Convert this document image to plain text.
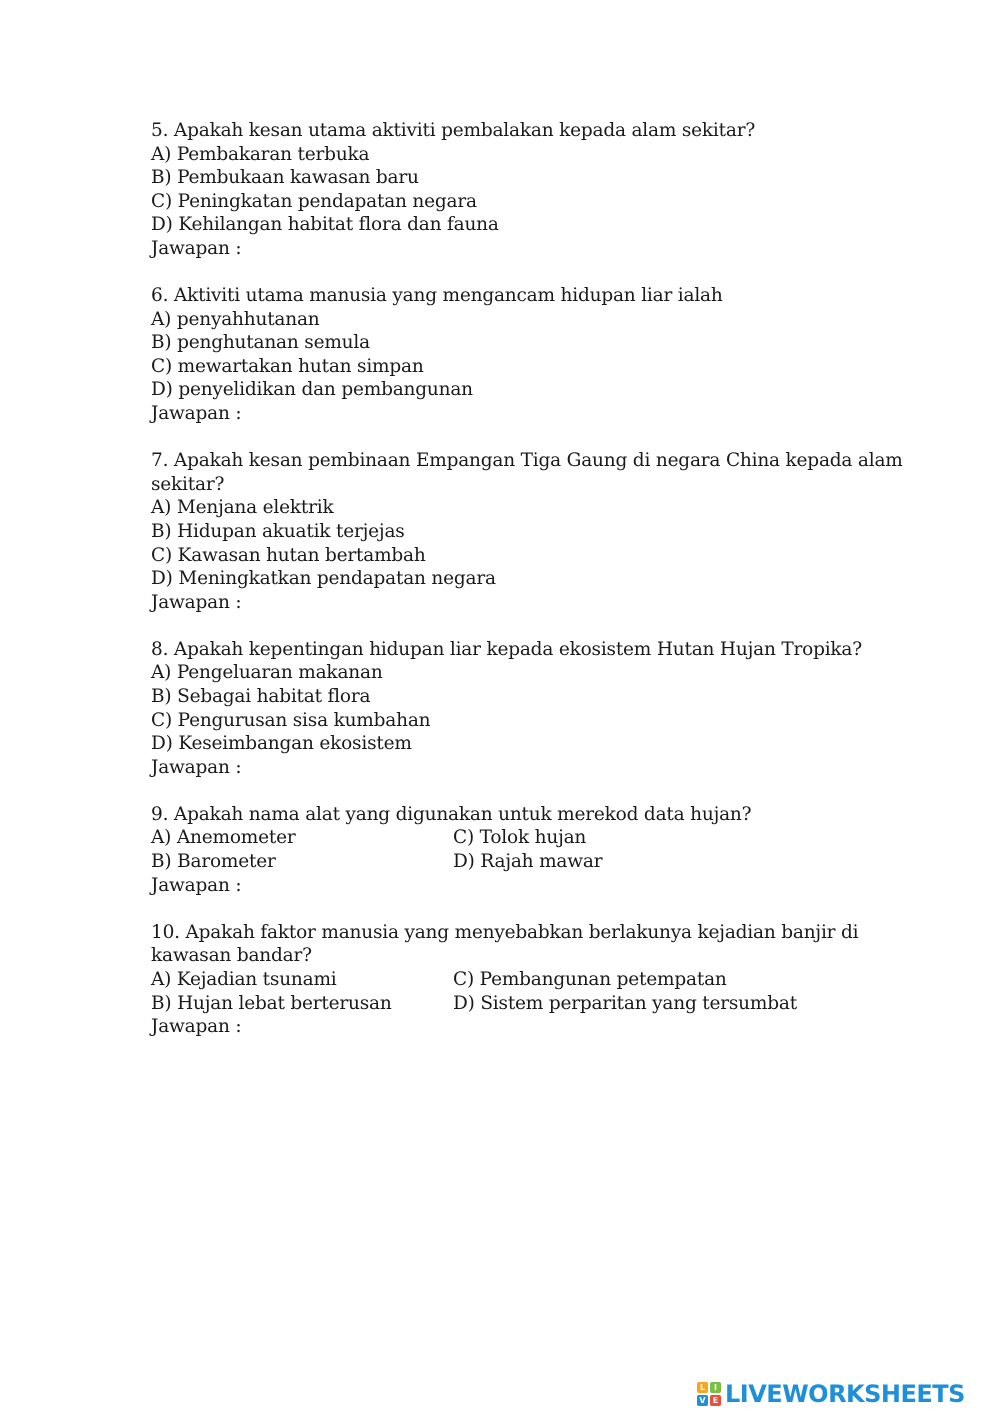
5. Apakah kesan utama aktiviti pembalakan kepada alam sekitar?
A) Pembakaran terbuka
B) Pembukaan kawasan baru
C) Peningkatan pendapatan negara
D) Kehilangan habitat flora dan fauna
Jawapan :
6. Aktiviti utama manusia yang mengancam hidupan liar ialah
A) penyahhutanan
B) penghutanan semula
C) mewartakan hutan simpan
D) penyelidikan dan pembangunan
Jawapan :
7. Apakah kesan pembinaan Empangan Tiga Gaung di negara China kepada alam
sekitar?
A) Menjana elektrik
B) Hidupan akuatik terjejas
C) Kawasan hutan bertambah
D) Meningkatkan pendapatan negara
Jawapan :
8. Apakah kepentingan hidupan liar kepada ekosistem Hutan Hujan Tropika?
A) Pengeluaran makanan
B) Sebagai habitat flora
C) Pengurusan sisa kumbahan
D) Keseimbangan ekosistem
Jawapan :
9. Apakah nama alat yang digunakan untuk merekod data hujan?
A) Anemometer	C) Tolok hujan
B) Barometer	D) Rajah mawar
Jawapan :
10. Apakah faktor manusia yang menyebabkan berlakunya kejadian banjir di
kawasan bandar?
A) Kejadian tsunami	C) Pembangunan petempatan
B) Hujan lebat berterusan	D) Sistem perparitan yang tersumbat
Jawapan :
L	I
V E LIVEWORKSHEETS
